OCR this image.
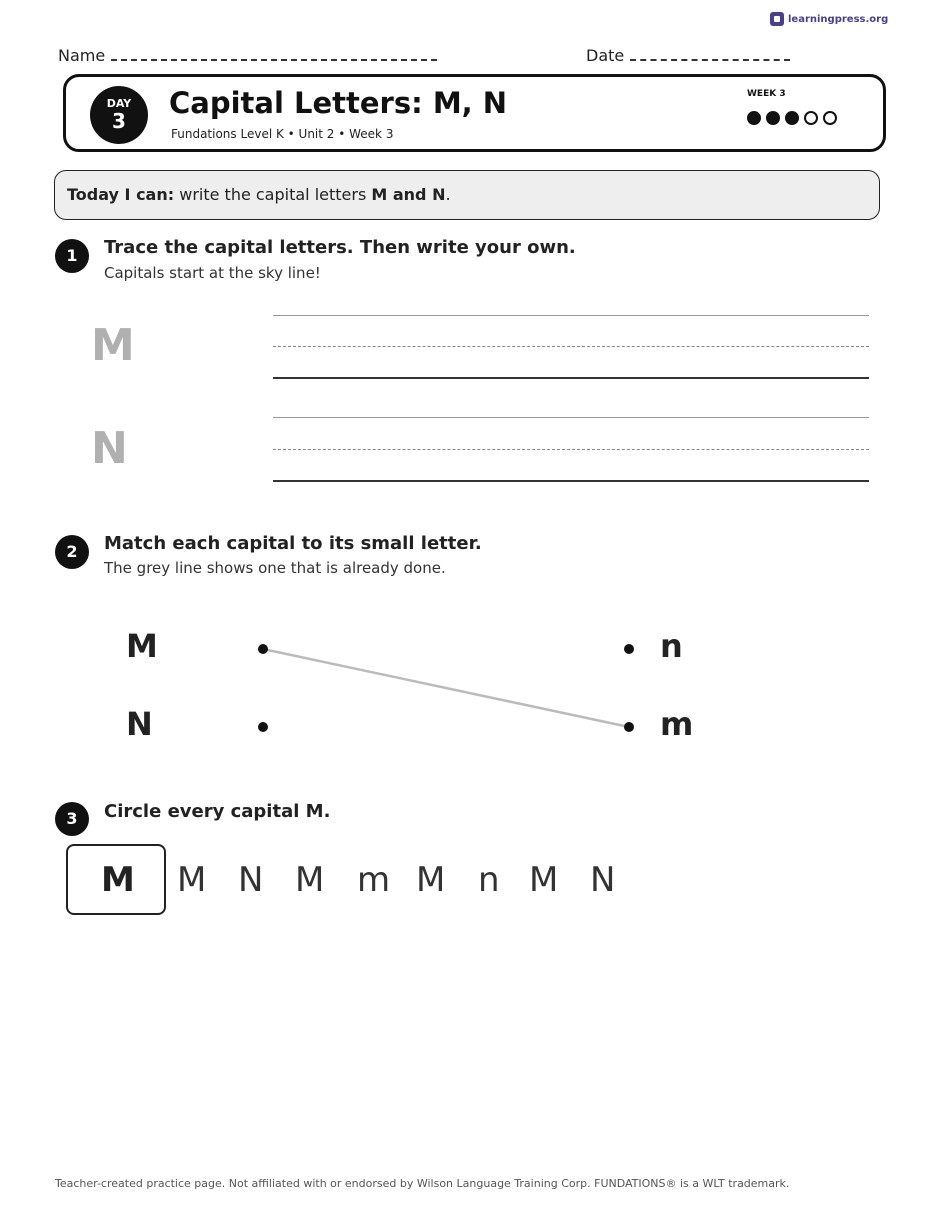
learningpress.org
Name	Date
DAY
3
Capital Letters: M, N
Fundations Level K • Unit 2 • Week 3
WEEK 3
Today I can: write the capital letters M and N.
1	Trace the capital letters. Then write your own.
Capitals start at the sky line!
M
N
2	Match each capital to its small letter.
The grey line shows one that is already done.
M
N
n
m
3	Circle every capital M.
M M N M m M n M N
Teacher-created practice page. Not affiliated with or endorsed by Wilson Language Training Corp. FUNDATIONS® is a WLT trademark.
